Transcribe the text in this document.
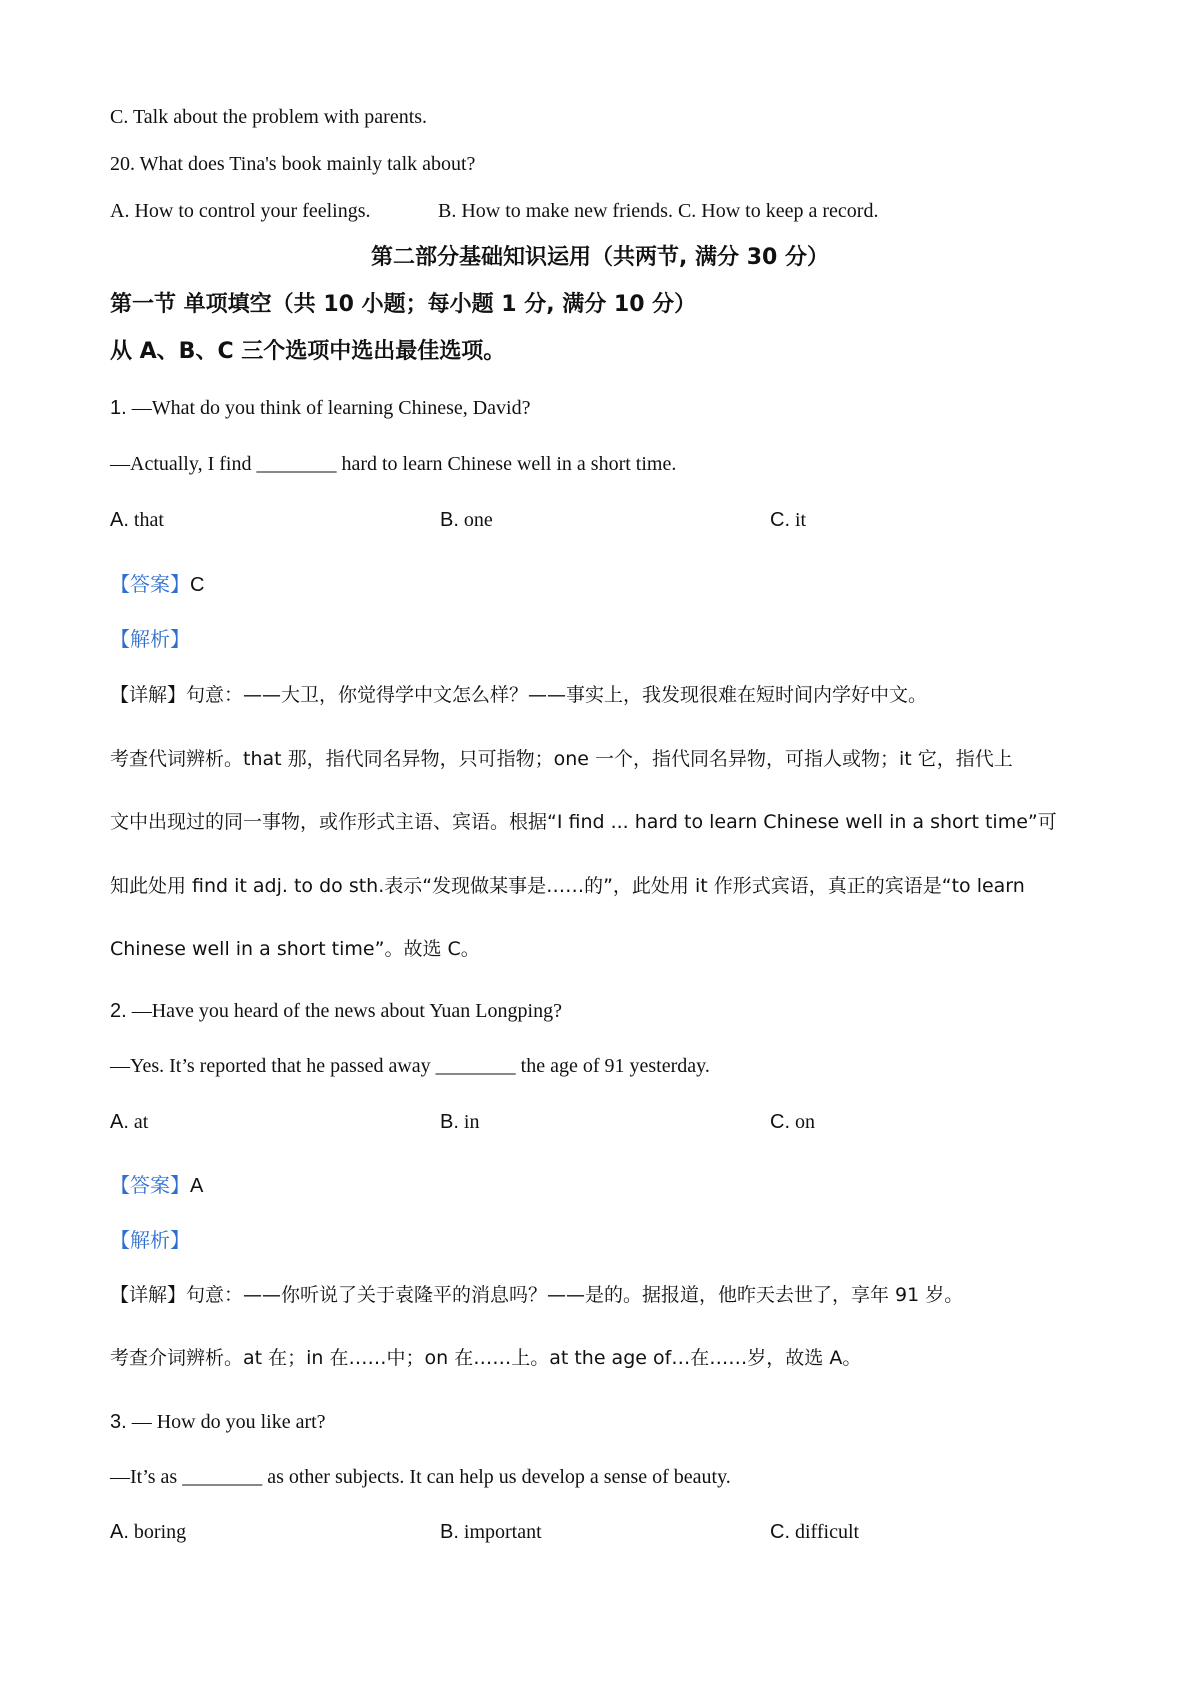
C. Talk about the problem with parents.
20. What does Tina's book mainly talk about?
A. How to control your feelings.	B. How to make new friends. C. How to keep a record.
第二部分基础知识运用（共两节, 满分 30 分）
第一节 单项填空（共 10 小题；每小题 1 分, 满分 10 分）
从 A、B、C 三个选项中选出最佳选项。
1. —What do you think of learning Chinese, David?
—Actually, I find ________ hard to learn Chinese well in a short time.
A. that	B. one	C. it
【答案】C
【解析】
【详解】句意：——大卫，你觉得学中文怎么样？——事实上，我发现很难在短时间内学好中文。
考查代词辨析。that 那，指代同名异物，只可指物；one 一个，指代同名异物，可指人或物；it 它，指代上
文中出现过的同一事物，或作形式主语、宾语。根据“I find ... hard to learn Chinese well in a short time”可
知此处用 find it adj. to do sth.表示“发现做某事是……的”，此处用 it 作形式宾语，真正的宾语是“to learn
Chinese well in a short time”。故选 C。
2. —Have you heard of the news about Yuan Longping?
—Yes. It’s reported that he passed away ________ the age of 91 yesterday.
A. at	B. in	C. on
【答案】A
【解析】
【详解】句意：——你听说了关于袁隆平的消息吗？——是的。据报道，他昨天去世了，享年 91 岁。
考查介词辨析。at 在；in 在……中；on 在……上。at the age of…在……岁，故选 A。
3. — How do you like art?
—It’s as ________ as other subjects. It can help us develop a sense of beauty.
A. boring	B. important	C. difficult
